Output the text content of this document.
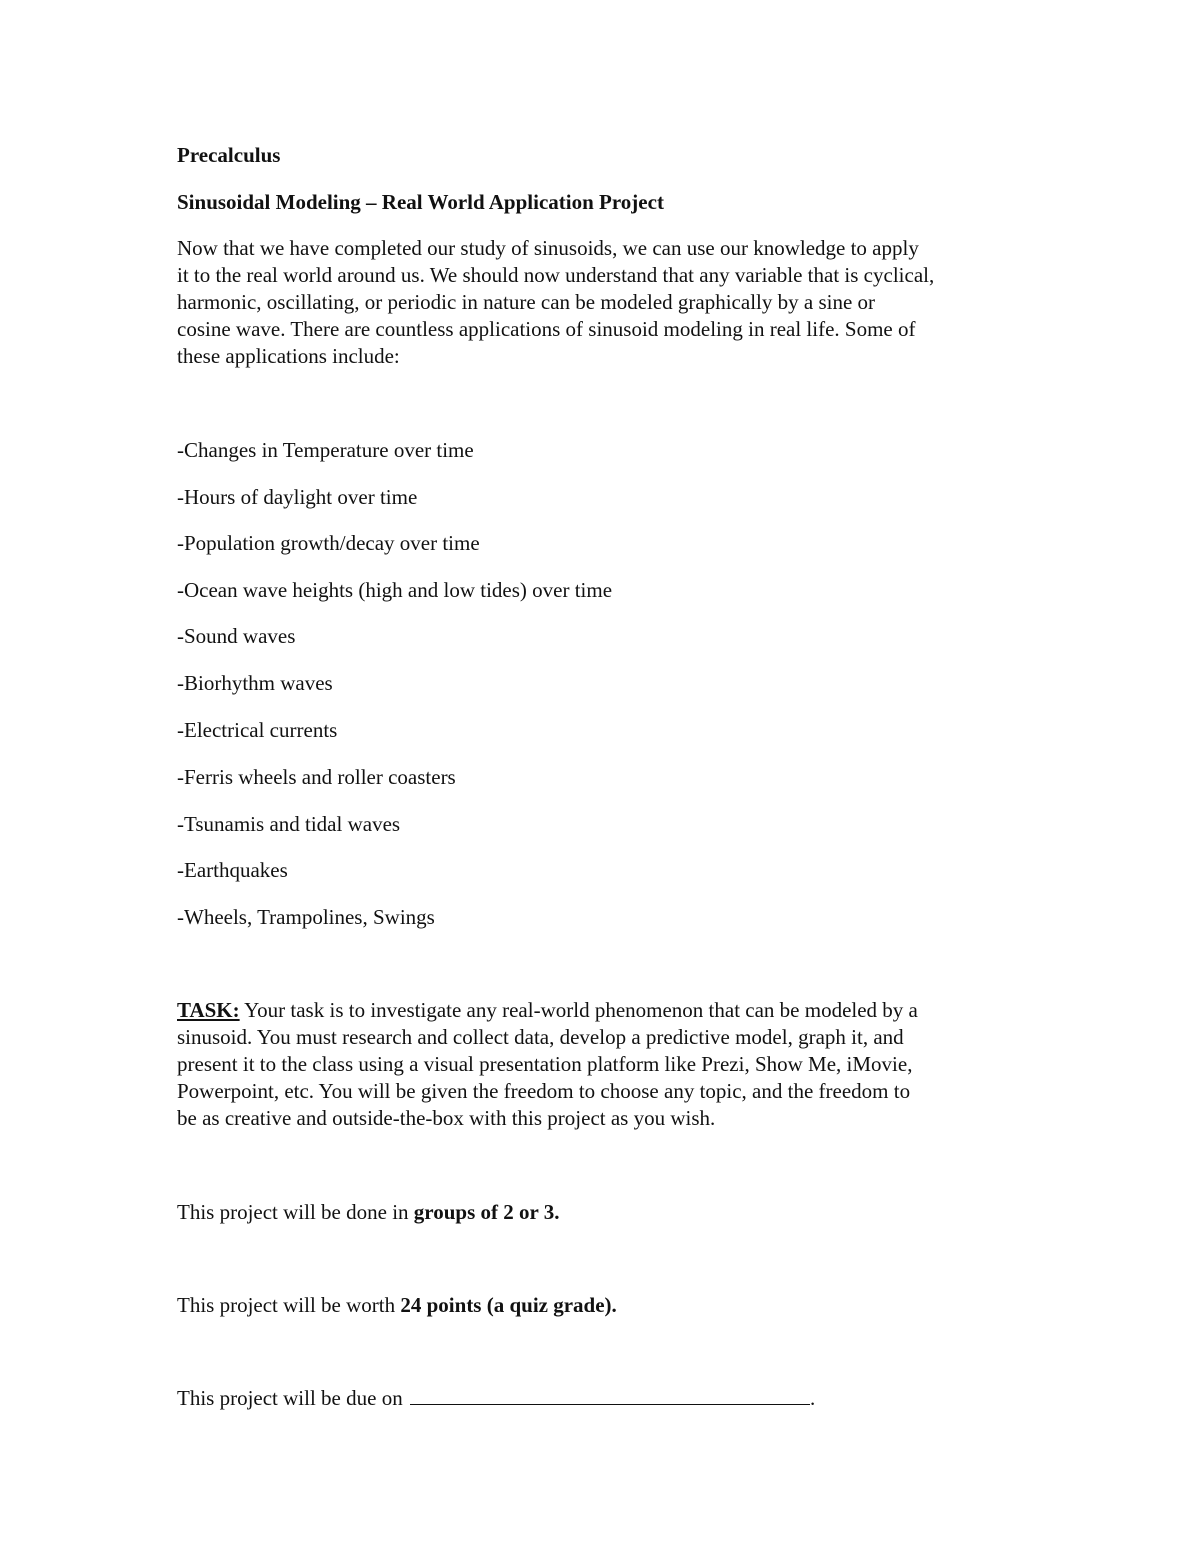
Precalculus

Sinusoidal Modeling – Real World Application Project

Now that we have completed our study of sinusoids, we can use our knowledge to apply
it to the real world around us. We should now understand that any variable that is cyclical,
harmonic, oscillating, or periodic in nature can be modeled graphically by a sine or
cosine wave. There are countless applications of sinusoid modeling in real life. Some of
these applications include:

-Changes in Temperature over time

-Hours of daylight over time

-Population growth/decay over time

-Ocean wave heights (high and low tides) over time

-Sound waves

-Biorhythm waves

-Electrical currents

-Ferris wheels and roller coasters

-Tsunamis and tidal waves

-Earthquakes

-Wheels, Trampolines, Swings

TASK: Your task is to investigate any real-world phenomenon that can be modeled by a
sinusoid. You must research and collect data, develop a predictive model, graph it, and
present it to the class using a visual presentation platform like Prezi, Show Me, iMovie,
Powerpoint, etc. You will be given the freedom to choose any topic, and the freedom to
be as creative and outside-the-box with this project as you wish.

This project will be done in groups of 2 or 3.

This project will be worth 24 points (a quiz grade).

This project will be due on	.
